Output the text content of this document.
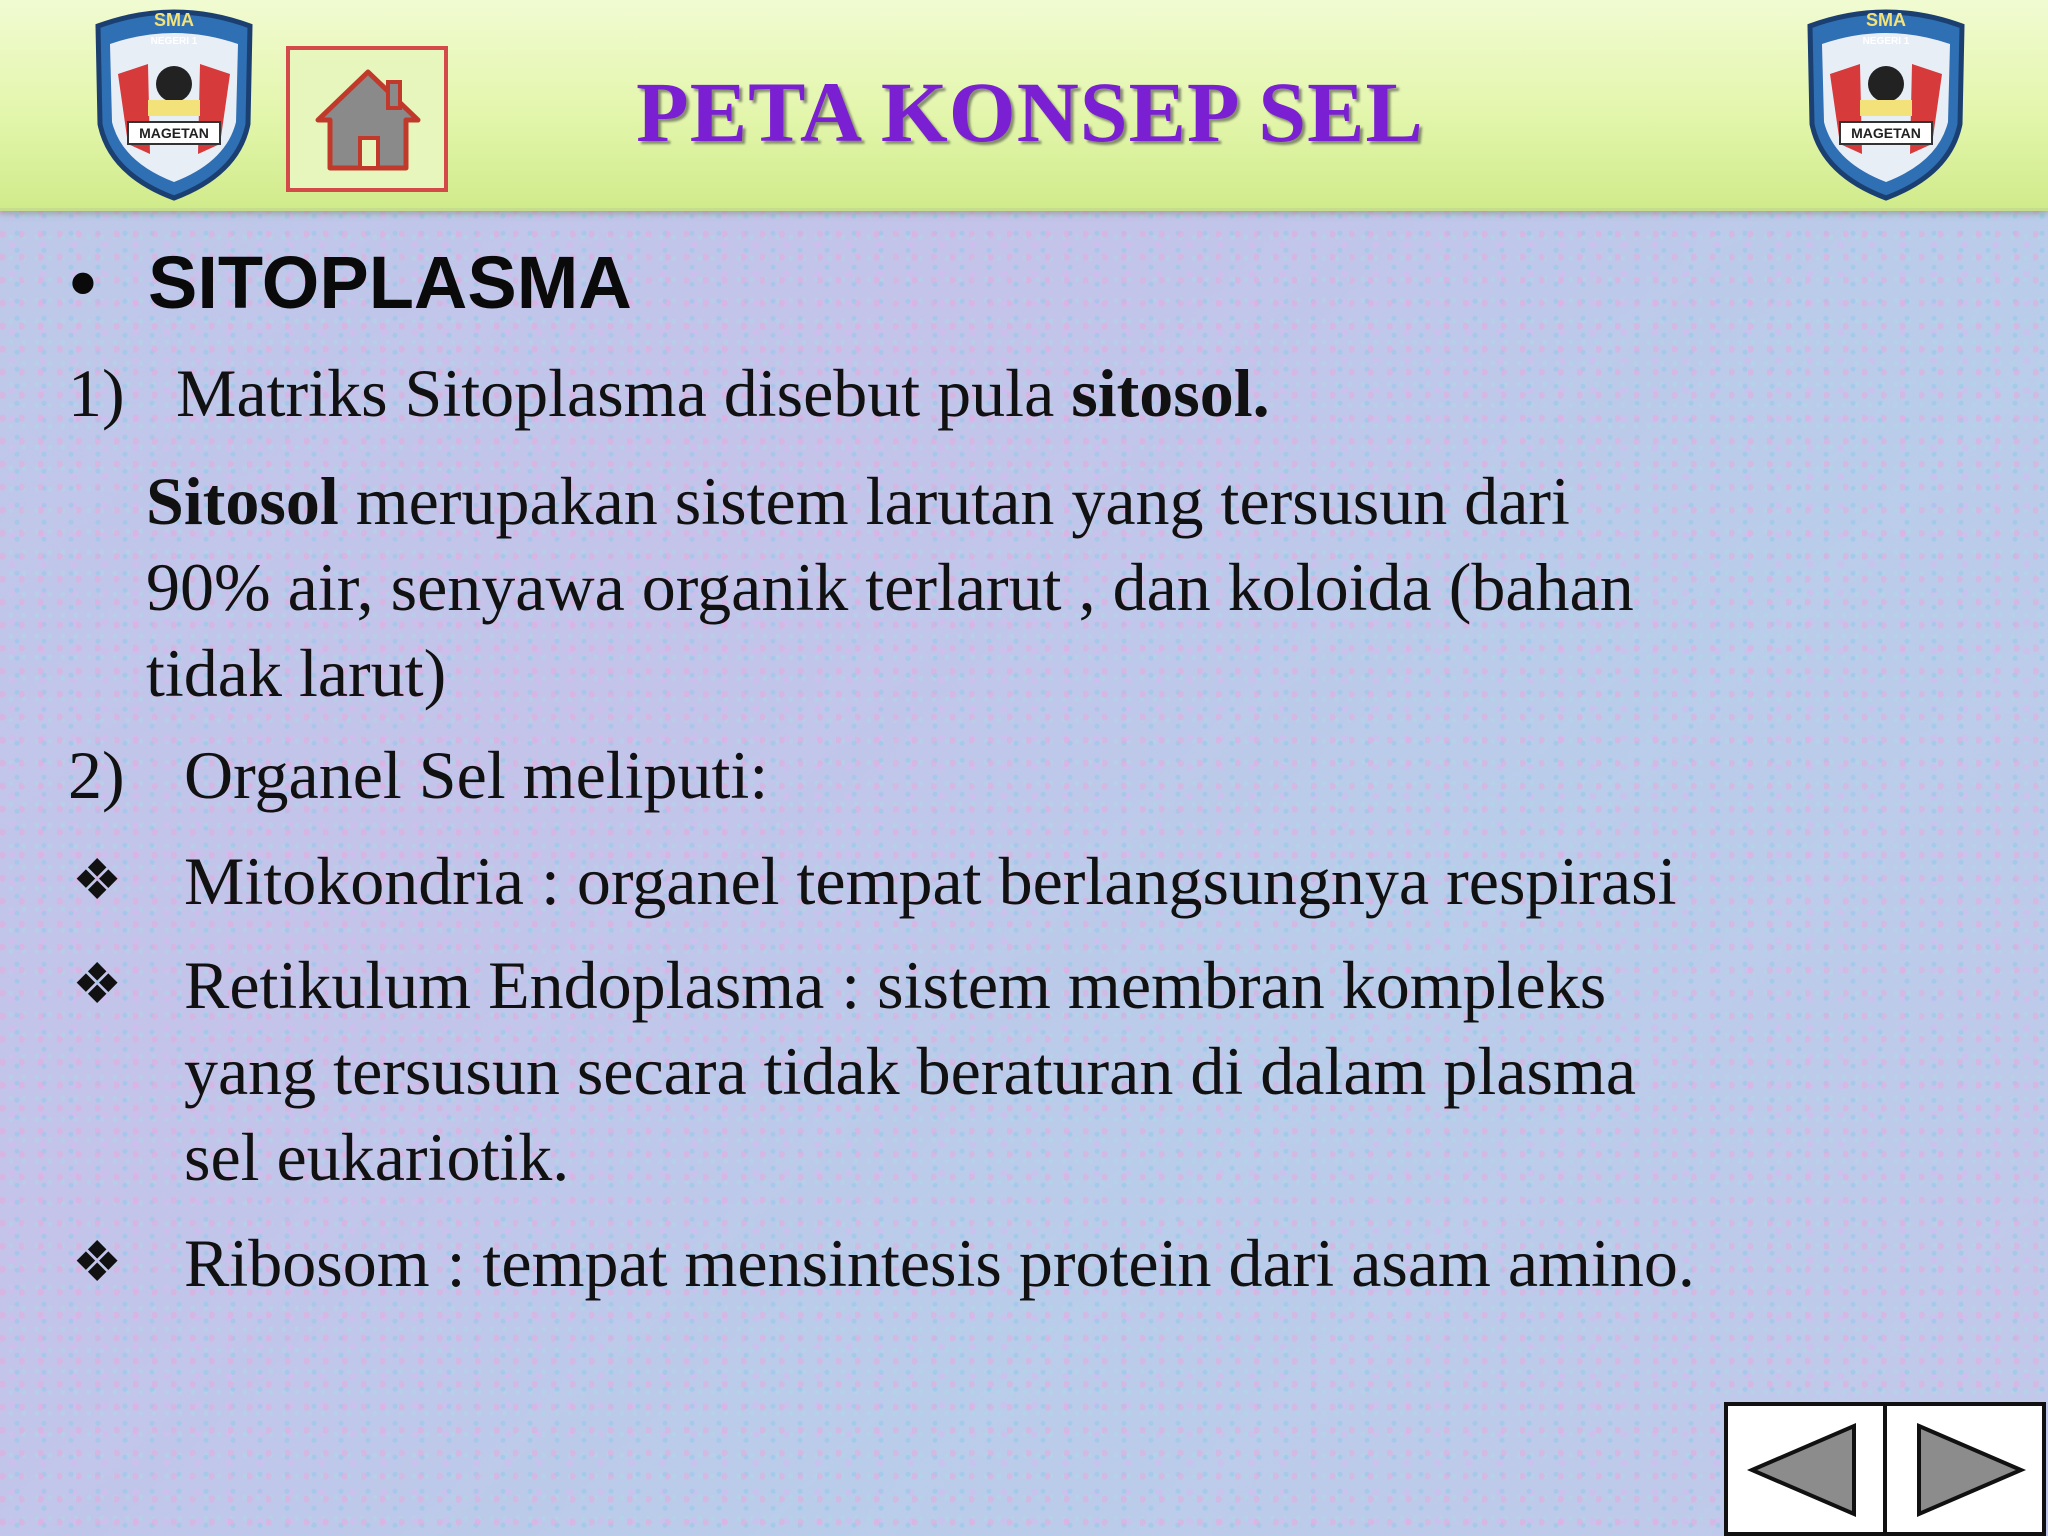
SMA
NEGERI 1
MAGETAN	PETA KONSEP SEL
SMA
NEGERI 1
MAGETAN
• SITOPLASMA
1) Matriks Sitoplasma disebut pula sitosol.
Sitosol merupakan sistem larutan yang tersusun dari
90% air, senyawa organik terlarut , dan koloida (bahan
tidak larut)
2) Organel Sel meliputi:
❖ Mitokondria : organel tempat berlangsungnya respirasi
❖ Retikulum Endoplasma : sistem membran kompleks
yang tersusun secara tidak beraturan di dalam plasma
sel eukariotik.
❖ Ribosom : tempat mensintesis protein dari asam amino.
